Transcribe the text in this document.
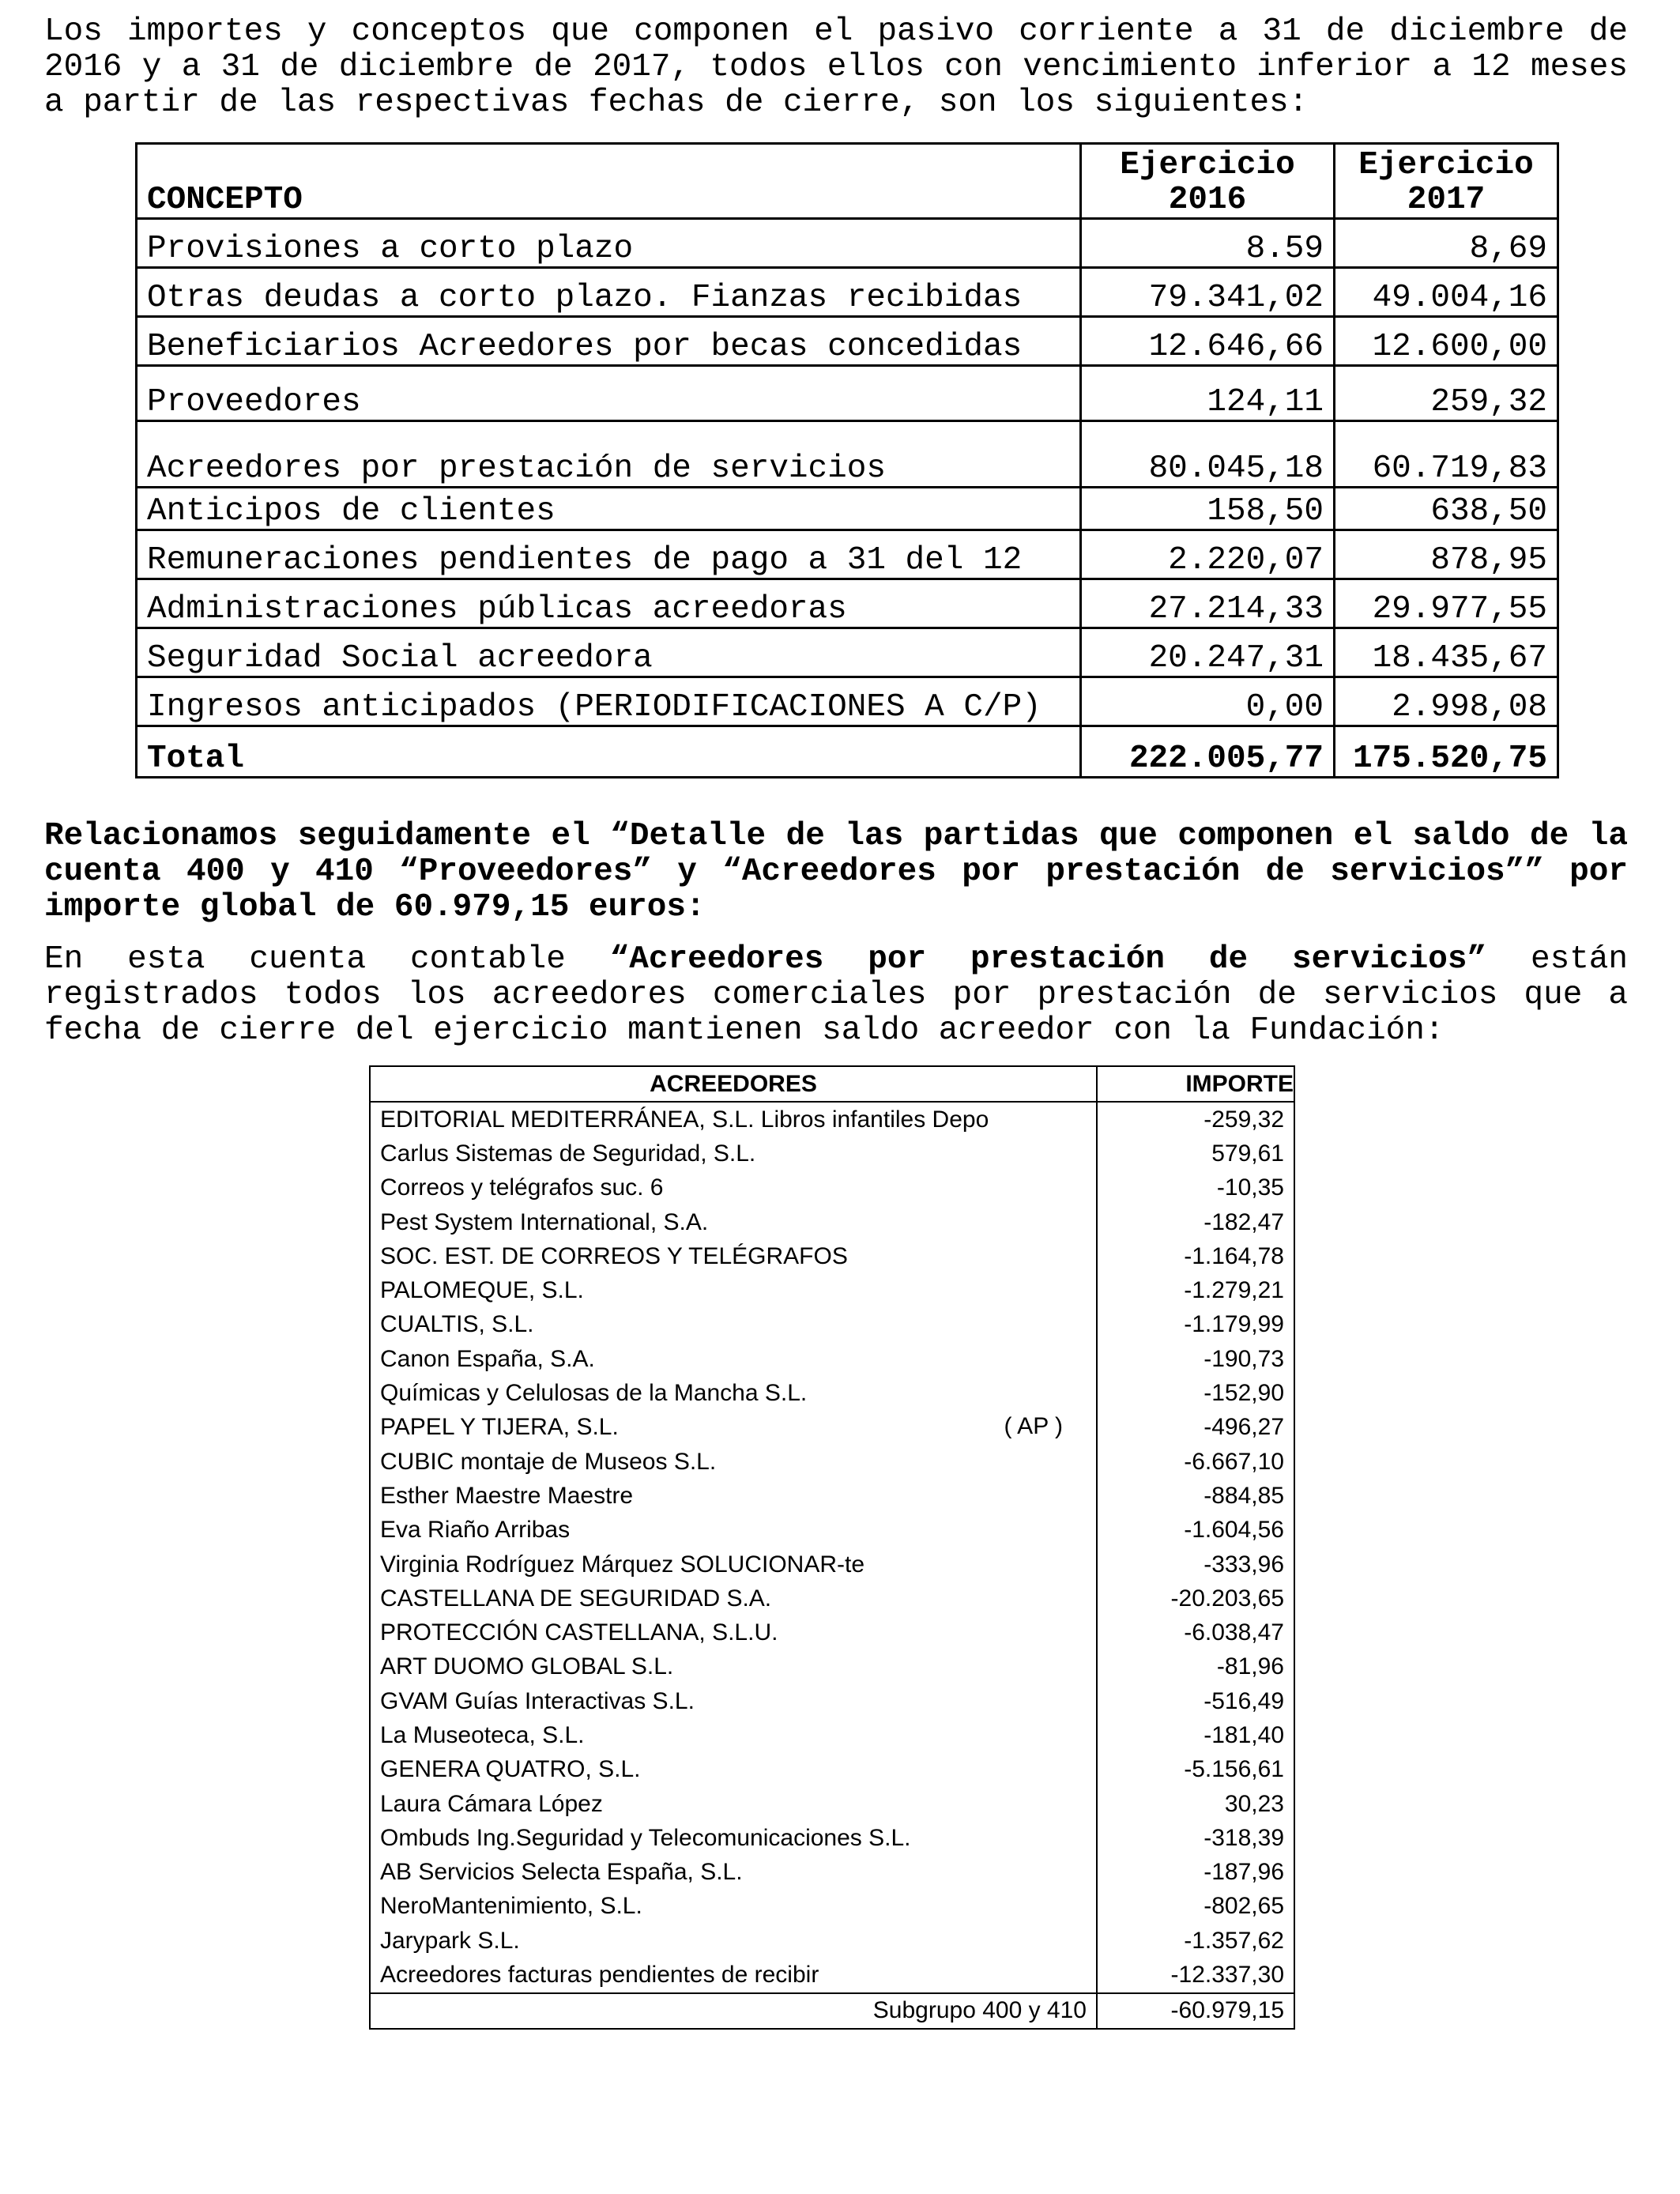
Los importes y conceptos que componen el pasivo corriente a 31 de diciembre de 2016 y a 31 de diciembre de 2017, todos ellos con vencimiento inferior a 12 meses a partir de las respectivas fechas de cierre, son los siguientes:

CONCEPTO	Ejercicio 2016	Ejercicio 2017
Provisiones a corto plazo	8.59	8,69
Otras deudas a corto plazo. Fianzas recibidas	79.341,02	49.004,16
Beneficiarios Acreedores por becas concedidas	12.646,66	12.600,00
Proveedores	124,11	259,32
Acreedores por prestación de servicios	80.045,18	60.719,83
Anticipos de clientes	158,50	638,50
Remuneraciones pendientes de pago a 31 del 12	2.220,07	878,95
Administraciones públicas acreedoras	27.214,33	29.977,55
Seguridad Social acreedora	20.247,31	18.435,67
Ingresos anticipados (PERIODIFICACIONES A C/P)	0,00	2.998,08
Total	222.005,77	175.520,75

Relacionamos seguidamente el “Detalle de las partidas que componen el saldo de la cuenta 400 y 410 “Proveedores” y “Acreedores por prestación de servicios”” por importe global de 60.979,15 euros:

En esta cuenta contable “Acreedores por prestación de servicios” están registrados todos los acreedores comerciales por prestación de servicios que a fecha de cierre del ejercicio mantienen saldo acreedor con la Fundación:

ACREEDORES	IMPORTE
EDITORIAL MEDITERRÁNEA, S.L. Libros infantiles Depo	-259,32
Carlus Sistemas de Seguridad, S.L.	579,61
Correos y telégrafos suc. 6	-10,35
Pest System International, S.A.	-182,47
SOC. EST. DE CORREOS Y TELÉGRAFOS	-1.164,78
PALOMEQUE, S.L.	-1.279,21
CUALTIS, S.L.	-1.179,99
Canon España, S.A.	-190,73
Químicas y Celulosas de la Mancha S.L.	-152,90
PAPEL Y TIJERA, S.L. ( AP )	-496,27
CUBIC montaje de Museos S.L.	-6.667,10
Esther Maestre Maestre	-884,85
Eva Riaño Arribas	-1.604,56
Virginia Rodríguez Márquez SOLUCIONAR-te	-333,96
CASTELLANA DE SEGURIDAD S.A.	-20.203,65
PROTECCIÓN CASTELLANA, S.L.U.	-6.038,47
ART DUOMO GLOBAL S.L.	-81,96
GVAM Guías Interactivas S.L.	-516,49
La Museoteca, S.L.	-181,40
GENERA QUATRO, S.L.	-5.156,61
Laura Cámara López	30,23
Ombuds Ing.Seguridad y Telecomunicaciones S.L.	-318,39
AB Servicios Selecta España, S.L.	-187,96
NeroMantenimiento, S.L.	-802,65
Jarypark S.L.	-1.357,62
Acreedores facturas pendientes de recibir	-12.337,30
Subgrupo 400 y 410	-60.979,15
